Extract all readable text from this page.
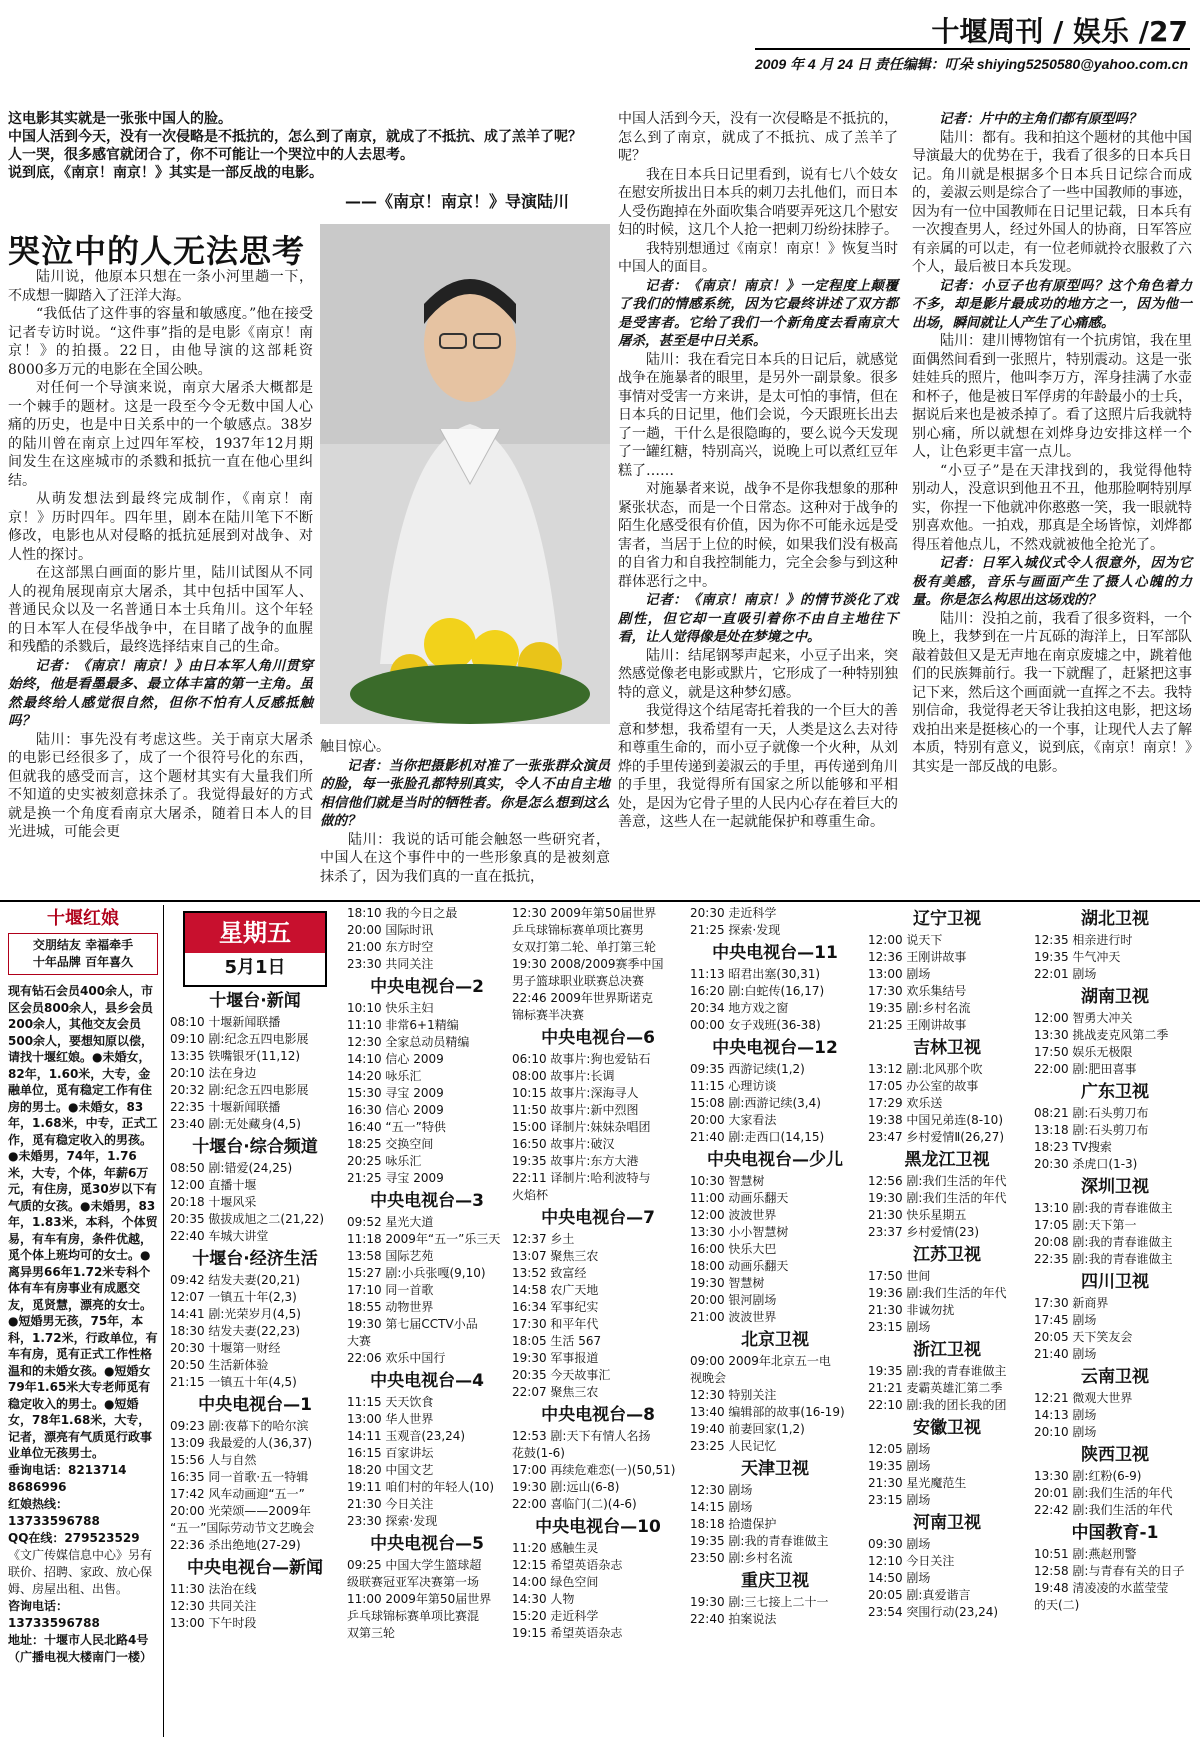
十堰周刊 / 娱乐 /27
2009 年 4 月 24 日 责任编辑：叮朵 shiying5250580@yahoo.com.cn
这电影其实就是一张张中国人的脸。
中国人活到今天，没有一次侵略是不抵抗的，怎么到了南京，就成了不抵抗、成了羔羊了呢？
人一哭，很多感官就闭合了，你不可能让一个哭泣中的人去思考。
说到底，《南京！南京！》其实是一部反战的电影。
——《南京！南京！》导演陆川
哭泣中的人无法思考

陆川说，他原本只想在一条小河里趟一下，不成想一脚踏入了汪洋大海。

“我低估了这件事的容量和敏感度。”他在接受记者专访时说。“这件事”指的是电影《南京！南京！》的拍摄。22日，由他导演的这部耗资8000多万元的电影在全国公映。

对任何一个导演来说，南京大屠杀大概都是一个棘手的题材。这是一段至今令无数中国人心痛的历史，也是中日关系中的一个敏感点。38岁的陆川曾在南京上过四年军校，1937年12月期间发生在这座城市的杀戮和抵抗一直在他心里纠结。

从萌发想法到最终完成制作，《南京！南京！》历时四年。四年里，剧本在陆川笔下不断修改，电影也从对侵略的抵抗延展到对战争、对人性的探讨。

在这部黑白画面的影片里，陆川试图从不同人的视角展现南京大屠杀，其中包括中国军人、普通民众以及一名普通日本士兵角川。这个年轻的日本军人在侵华战争中，在目睹了战争的血腥和残酷的杀戮后，最终选择结束自己的生命。

记者：《南京！南京！》由日本军人角川贯穿始终，他是看墨最多、最立体丰富的第一主角。虽然最终给人感觉很自然，但你不怕有人反感抵触吗？

陆川：事先没有考虑这些。关于南京大屠杀的电影已经很多了，成了一个很符号化的东西，但就我的感受而言，这个题材其实有大量我们所不知道的史实被刻意抹杀了。我觉得最好的方式就是换一个角度看南京大屠杀，随着日本人的目光进城，可能会更

触目惊心。

记者：当你把摄影机对准了一张张群众演员的脸，每一张脸孔都特别真实，令人不由自主地相信他们就是当时的牺牲者。你是怎么想到这么做的？

陆川：我说的话可能会触怒一些研究者，中国人在这个事件中的一些形象真的是被刻意抹杀了，因为我们真的一直在抵抗，

中国人活到今天，没有一次侵略是不抵抗的，怎么到了南京，就成了不抵抗、成了羔羊了呢？

我在日本兵日记里看到，说有七八个妓女在慰安所拔出日本兵的刺刀去扎他们，而日本人受伤跑掉在外面吹集合哨要弄死这几个慰安妇的时候，这几个人抢一把刺刀纷纷抹脖子。

我特别想通过《南京！南京！》恢复当时中国人的面目。

记者：《南京！南京！》一定程度上颠覆了我们的情感系统，因为它最终讲述了双方都是受害者。它给了我们一个新角度去看南京大屠杀，甚至是中日关系。

陆川：我在看完日本兵的日记后，就感觉战争在施暴者的眼里，是另外一副景象。很多事情对受害一方来讲，是太可怕的事情，但在日本兵的日记里，他们会说，今天跟班长出去了一趟，干什么是很隐晦的，要么说今天发现了一罐红糖，特别高兴，说晚上可以煮红豆年糕了……

对施暴者来说，战争不是你我想象的那种紧张状态，而是一个日常态。这种对于战争的陌生化感受很有价值，因为你不可能永远是受害者，当居于上位的时候，如果我们没有极高的自省力和自我控制能力，完全会参与到这种群体恶行之中。

记者：《南京！南京！》的情节淡化了戏剧性，但它却一直吸引着你不由自主地往下看，让人觉得像是处在梦境之中。

陆川：结尾钢琴声起来，小豆子出来，突然感觉像老电影或默片，它形成了一种特别独特的意义，就是这种梦幻感。

我觉得这个结尾寄托着我的一个巨大的善意和梦想，我希望有一天，人类是这么去对待和尊重生命的，而小豆子就像一个火种，从刘烨的手里传递到姜淑云的手里，再传递到角川的手里，我觉得所有国家之所以能够和平相处，是因为它骨子里的人民内心存在着巨大的善意，这些人在一起就能保护和尊重生命。

记者：片中的主角们都有原型吗？

陆川：都有。我和拍这个题材的其他中国导演最大的优势在于，我看了很多的日本兵日记。角川就是根据多个日本兵日记综合而成的，姜淑云则是综合了一些中国教师的事迹，因为有一位中国教师在日记里记载，日本兵有一次搜查男人，经过外国人的协商，日军答应有亲属的可以走，有一位老师就拎衣服救了六个人，最后被日本兵发现。

记者：小豆子也有原型吗？这个角色着力不多，却是影片最成功的地方之一，因为他一出场，瞬间就让人产生了心痛感。

陆川：建川博物馆有一个抗虏馆，我在里面偶然间看到一张照片，特别震动。这是一张娃娃兵的照片，他叫李万方，浑身挂满了水壶和杯子，他是被日军俘虏的年龄最小的士兵，据说后来也是被杀掉了。看了这照片后我就特别心痛，所以就想在刘烨身边安排这样一个人，让色彩更丰富一点儿。

“小豆子”是在天津找到的，我觉得他特别动人，没意识到他丑不丑，他那脸啊特别厚实，你捏一下他就冲你憨憨一笑，我一眼就特别喜欢他。一拍戏，那真是全场皆惊，刘烨都得压着他点儿，不然戏就被他全抢光了。

记者：日军入城仪式令人很意外，因为它极有美感，音乐与画面产生了摄人心魄的力量。你是怎么构思出这场戏的？

陆川：没拍之前，我看了很多资料，一个晚上，我梦到在一片瓦砾的海洋上，日军部队敲着鼓但又是无声地在南京废墟之中，跳着他们的民族舞前行。我一下就醒了，赶紧把这事记下来，然后这个画面就一直挥之不去。我特别信命，我觉得老天爷让我拍这电影，把这场戏拍出来是挺核心的一个事，让现代人去了解本质，特别有意义，说到底，《南京！南京！》其实是一部反战的电影。

十堰红娘
交朋结友 幸福牵手
十年品牌 百年喜久
现有钻石会员400余人，市区会员800余人，县乡会员200余人，其他交友会员500余人，要想知原以偿，请找十堰红娘。●未婚女，82年，1.60米，大专，金融单位，觅有稳定工作有住房的男士。●未婚女，83年，1.68米，中专，正式工作，觅有稳定收入的男孩。●未婚男，74年，1.76米，大专，个体，年薪6万元，有住房，觅30岁以下有气质的女孩。●未婚男，83年，1.83米，本科，个体贸易，有车有房，条件优越，觅个体上班均可的女士。●离异男66年1.72米专科个体有车有房事业有成愿交友，觅贤慧，漂亮的女士。●短婚男无孩，75年，本科，1.72米，行政单位，有车有房，觅有正式工作性格温和的未婚女孩。●短婚女79年1.65米大专老师觅有稳定收入的男士。●短婚女，78年1.68米，大专，记者，漂亮有气质觅行政事业单位无孩男士。
垂询电话：8213714
8686996
红娘热线：13733596788
QQ在线：279523529
《文广传媒信息中心》另有联价、招聘、家政、放心保姆、房屋出租、出售。
咨询电话：13733596788
地址：十堰市人民北路4号（广播电视大楼南门一楼）
星期五
5月1日
十堰台·新闻
08:10 十堰新闻联播
09:10 剧:纪念五四电影展
13:35 铁嘴银牙(11,12)
20:10 法在身边
20:32 剧:纪念五四电影展
22:35 十堰新闻联播
23:40 剧:无处藏身(4,5)
十堰台·综合频道
08:50 剧:错爱(24,25)
12:00 直播十堰
20:18 十堰风采
20:35 傲拔成旭之二(21,22)
22:40 车城大讲堂
十堰台·经济生活
09:42 结发夫妻(20,21)
12:07 一镇五十年(2,3)
14:41 剧:光荣岁月(4,5)
18:30 结发夫妻(22,23)
20:30 十堰第一财经
20:50 生活新体验
21:15 一镇五十年(4,5)
中央电视台—1
09:23 剧:夜幕下的哈尔滨
13:09 我最爱的人(36,37)
15:56 人与自然
16:35 同一首歌·五一特辑
17:42 风车动画迎“五一”
20:00 光荣颂——2009年
“五一”国际劳动节文艺晚会
22:36 杀出绝地(27-29)
中央电视台—新闻
11:30 法治在线
12:30 共同关注
13:00 下午时段
18:10 我的今日之最
20:00 国际时讯
21:00 东方时空
23:30 共同关注
中央电视台—2
10:10 快乐主妇
11:10 非常6+1精编
12:30 全家总动员精编
14:10 信心 2009
14:20 咏乐汇
15:30 寻宝 2009
16:30 信心 2009
16:40 “五一”特供
18:25 交换空间
20:25 咏乐汇
21:25 寻宝 2009
中央电视台—3
09:52 星光大道
11:18 2009年“五一”乐三天
13:58 国际艺苑
15:27 剧:小兵张嘎(9,10)
17:10 同一首歌
18:55 动物世界
19:30 第七届CCTV小品
大赛
22:06 欢乐中国行
中央电视台—4
11:15 天天饮食
13:00 华人世界
14:11 玉观音(23,24)
16:15 百家讲坛
18:20 中国文艺
19:11 咱们村的年轻人(10)
21:30 今日关注
23:30 探索·发现
中央电视台—5
09:25 中国大学生篮球超
级联赛冠亚军决赛第一场
11:00 2009年第50届世界
乒乓球锦标赛单项比赛混
双第三轮
12:30 2009年第50届世界
乒乓球锦标赛单项比赛男
女双打第二轮、单打第三轮
19:30 2008/2009赛季中国
男子篮球职业联赛总决赛
22:46 2009年世界斯诺克
锦标赛半决赛
中央电视台—6
06:10 故事片:狗也爱钻石
08:00 故事片:长调
10:15 故事片:深海寻人
11:50 故事片:新中烈图
15:00 译制片:妹妹杂唱团
16:50 故事片:破汉
19:35 故事片:东方大港
22:11 译制片:哈利波特与
火焰杯
中央电视台—7
12:37 乡土
13:07 聚焦三农
13:52 致富经
14:58 农广天地
16:34 军事纪实
17:30 和平年代
18:05 生活 567
19:30 军事报道
20:35 今天故事汇
22:07 聚焦三农
中央电视台—8
12:53 剧:天下有情人名扬
花鼓(1-6)
17:00 再续危难恋(一)(50,51)
19:30 剧:远山(6-8)
22:00 喜临门(二)(4-6)
中央电视台—10
11:20 感触生灵
12:15 希望英语杂志
14:00 绿色空间
14:30 人物
15:20 走近科学
19:15 希望英语杂志
20:30 走近科学
21:25 探索·发现
中央电视台—11
11:13 昭君出塞(30,31)
16:20 剧:白蛇传(16,17)
20:34 地方戏之窗
00:00 女子戏班(36-38)
中央电视台—12
09:35 西游记续(1,2)
11:15 心理访谈
15:08 剧:西游记续(3,4)
20:00 大家看法
21:40 剧:走西口(14,15)
中央电视台—少儿
10:30 智慧树
11:00 动画乐翻天
12:00 波波世界
13:30 小小智慧树
16:00 快乐大巴
18:00 动画乐翻天
19:30 智慧树
20:00 银河剧场
21:00 波波世界
北京卫视
09:00 2009年北京五一电
视晚会
12:30 特别关注
13:40 编辑部的故事(16-19)
19:40 前妻回家(1,2)
23:25 人民记忆
天津卫视
12:30 剧场
14:15 剧场
18:18 拾遗保护
19:35 剧:我的青春谁做主
23:50 剧:乡村名流
重庆卫视
19:30 剧:三七接上二十一
22:40 拍案说法
辽宁卫视
12:00 说天下
12:36 王刚讲故事
13:00 剧场
17:30 欢乐集结号
19:35 剧:乡村名流
21:25 王刚讲故事
吉林卫视
13:12 剧:北风那个吹
17:05 办公室的故事
17:29 欢乐送
19:38 中国兄弟连(8-10)
23:47 乡村爱情Ⅱ(26,27)
黑龙江卫视
12:56 剧:我们生活的年代
19:30 剧:我们生活的年代
21:30 快乐星期五
23:37 乡村爱情(23)
江苏卫视
17:50 世间
19:36 剧:我们生活的年代
21:30 非诚勿扰
23:15 剧场
浙江卫视
19:35 剧:我的青春谁做主
21:21 麦霸英雄汇第二季
22:10 剧:我的团长我的团
安徽卫视
12:05 剧场
19:35 剧场
21:30 星光魔范生
23:15 剧场
河南卫视
09:30 剧场
12:10 今日关注
14:50 剧场
20:05 剧:真爱谐言
23:54 突围行动(23,24)
湖北卫视
12:35 相亲进行时
19:35 牛气冲天
22:01 剧场
湖南卫视
12:00 智勇大冲关
13:30 挑战麦克风第二季
17:50 娱乐无极限
22:00 剧:肥田喜事
广东卫视
08:21 剧:石头剪刀布
13:18 剧:石头剪刀布
18:23 TV搜索
20:30 杀虎口(1-3)
深圳卫视
13:10 剧:我的青春谁做主
17:05 剧:天下第一
20:08 剧:我的青春谁做主
22:35 剧:我的青春谁做主
四川卫视
17:30 新商界
17:45 剧场
20:05 天下笑友会
21:40 剧场
云南卫视
12:21 微观大世界
14:13 剧场
20:10 剧场
陕西卫视
13:30 剧:红粉(6-9)
20:01 剧:我们生活的年代
22:42 剧:我们生活的年代
中国教育-1
10:51 剧:燕赵刑警
12:58 剧:与青春有关的日子
19:48 清凌凌的水蓝莹莹
的天(二)
